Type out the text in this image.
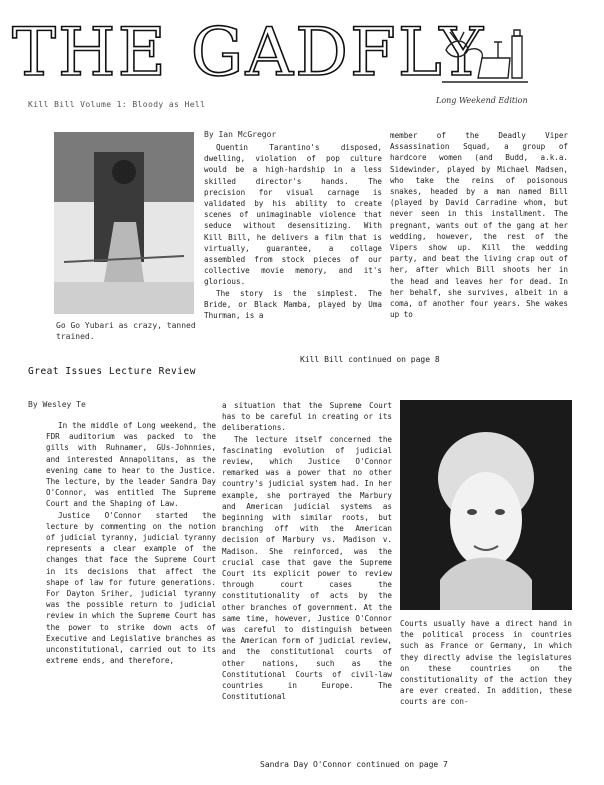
THE GADFLY
Kill Bill Volume 1: Bloody as Hell	Long Weekend Edition
Go Go Yubari as crazy, tanned trained.
By Ian McGregor

Quentin Tarantino's disposed, dwelling, violation of pop culture would be a high-hardship in a less skilled director's hands. The precision for visual carnage is validated by his ability to create scenes of unimaginable violence that seduce without desensitizing. With Kill Bill, he delivers a film that is virtually, guarantee, a collage assembled from stock pieces of our collective movie memory, and it's glorious.

The story is the simplest. The Bride, or Black Mamba, played by Uma Thurman, is a

member of the Deadly Viper Assassination Squad, a group of hardcore women (and Budd, a.k.a. Sidewinder, played by Michael Madsen, who take the reins of poisonous snakes, headed by a man named Bill (played by David Carradine whom, but never seen in this installment. The pregnant, wants out of the gang at her wedding, however, the rest of the Vipers show up. Kill the wedding party, and beat the living crap out of her, after which Bill shoots her in the head and leaves her for dead. In her behalf, she survives, albeit in a coma, of another four years. She wakes up to

Kill Bill continued on page 8
Great Issues Lecture Review
By Wesley Te

In the middle of Long weekend, the FDR auditorium was packed to the gills with Ruhnamer, GUs-Johnnies, and interested Annapolitans, as the evening came to hear to the Justice. The lecture, by the leader Sandra Day O'Connor, was entitled The Supreme Court and the Shaping of Law.

Justice O'Connor started the lecture by commenting on the notion of judicial tyranny, judicial tyranny represents a clear example of the changes that face the Supreme Court in its decisions that affect the shape of law for future generations. For Dayton Sriher, judicial tyranny was the possible return to judicial review in which the Supreme Court has the power to strike down acts of Executive and Legislative branches as unconstitutional, carried out to its extreme ends, and therefore,

a situation that the Supreme Court has to be careful in creating or its deliberations.

The lecture itself concerned the fascinating evolution of judicial review, which Justice O'Connor remarked was a power that no other country's judicial system had. In her example, she portrayed the Marbury and American judicial systems as beginning with similar roots, but branching off with the American decision of Marbury vs. Madison v. Madison. She reinforced, was the crucial case that gave the Supreme Court its explicit power to review through court cases the constitutionality of acts by the other branches of government. At the same time, however, Justice O'Connor was careful to distinguish between the American form of judicial review, and the constitutional courts of other nations, such as the Constitutional Courts of civil-law countries in Europe. The Constitutional

Courts usually have a direct hand in the political process in countries such as France or Germany, in which they directly advise the legislatures on these countries on the constitutionality of the action they are ever created. In addition, these courts are con-

Sandra Day O'Connor continued on page 7
